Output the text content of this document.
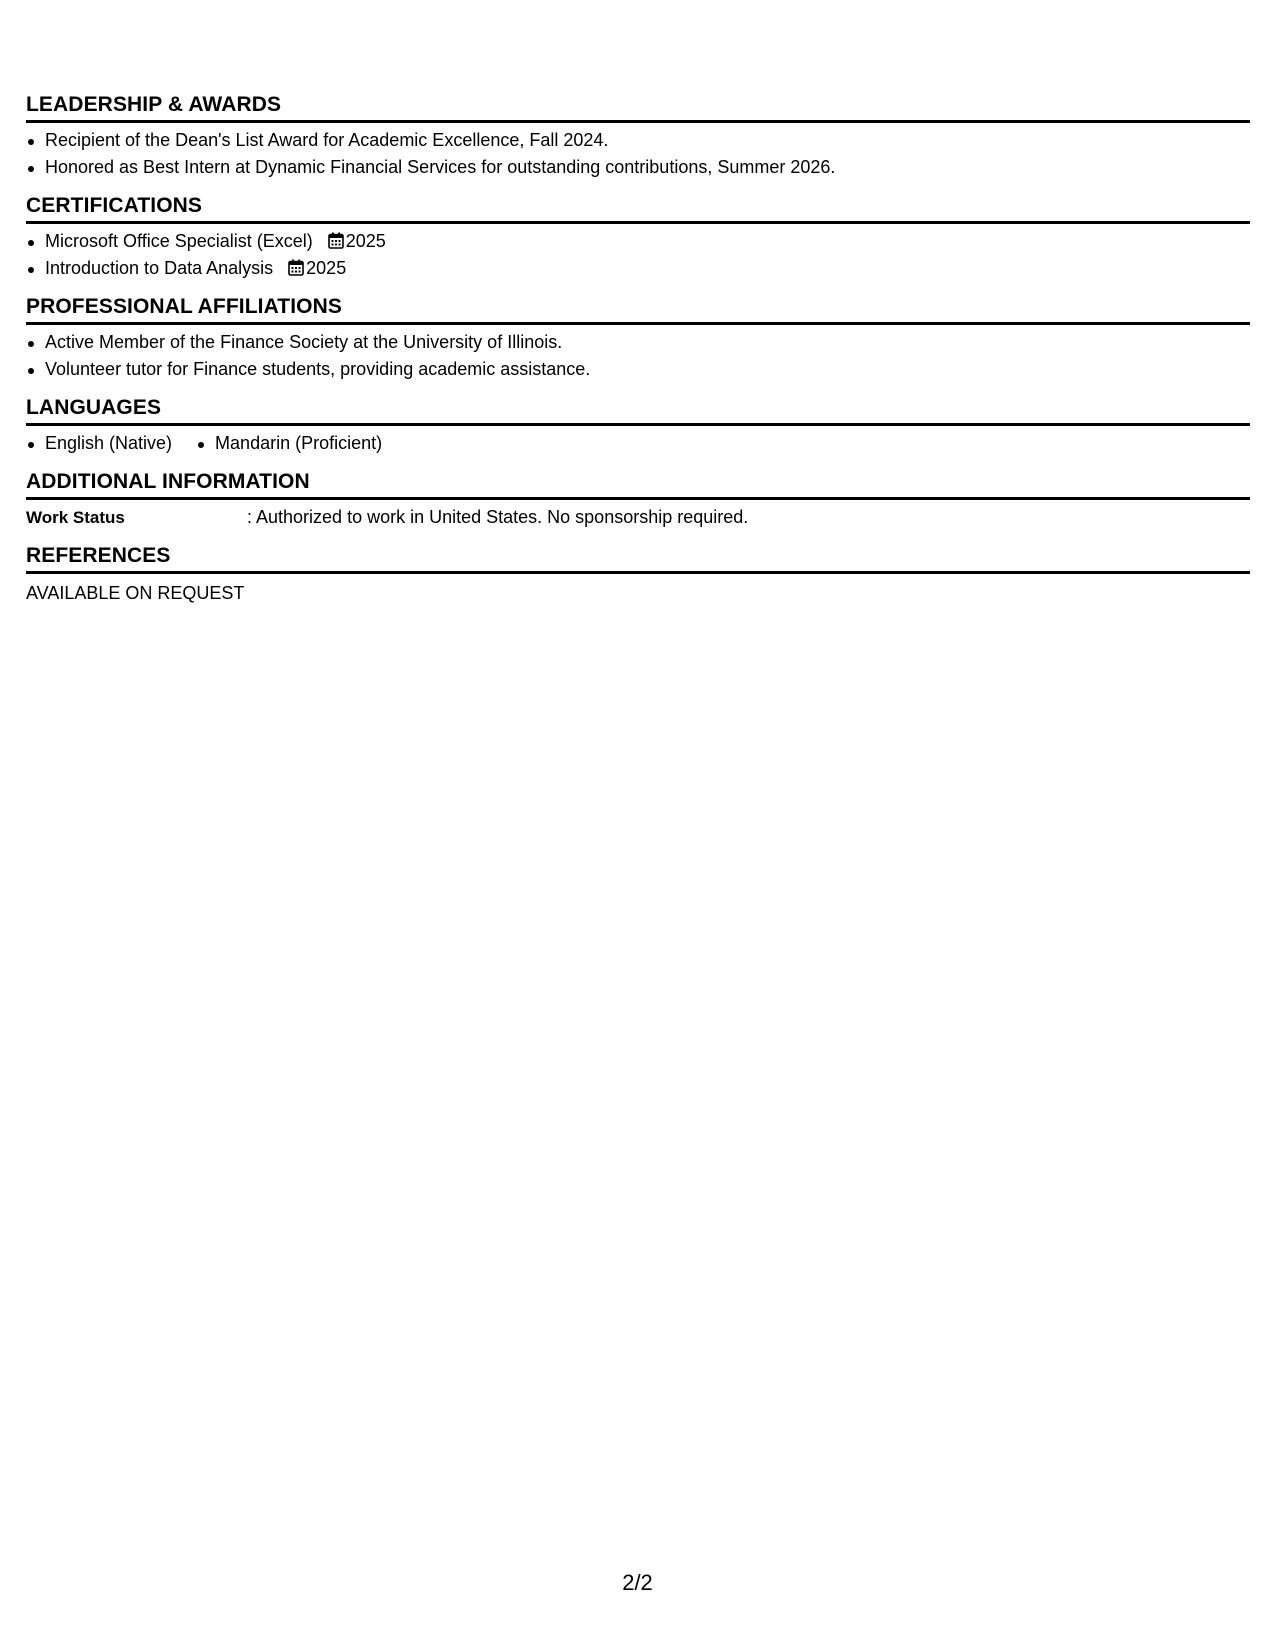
LEADERSHIP & AWARDS
Recipient of the Dean's List Award for Academic Excellence, Fall 2024.
Honored as Best Intern at Dynamic Financial Services for outstanding contributions, Summer 2026.
CERTIFICATIONS
Microsoft Office Specialist (Excel) 2025
Introduction to Data Analysis 2025
PROFESSIONAL AFFILIATIONS
Active Member of the Finance Society at the University of Illinois.
Volunteer tutor for Finance students, providing academic assistance.
LANGUAGES
English (Native)	Mandarin (Proficient)
ADDITIONAL INFORMATION
Work Status	: Authorized to work in United States. No sponsorship required.
REFERENCES
AVAILABLE ON REQUEST
2/2
